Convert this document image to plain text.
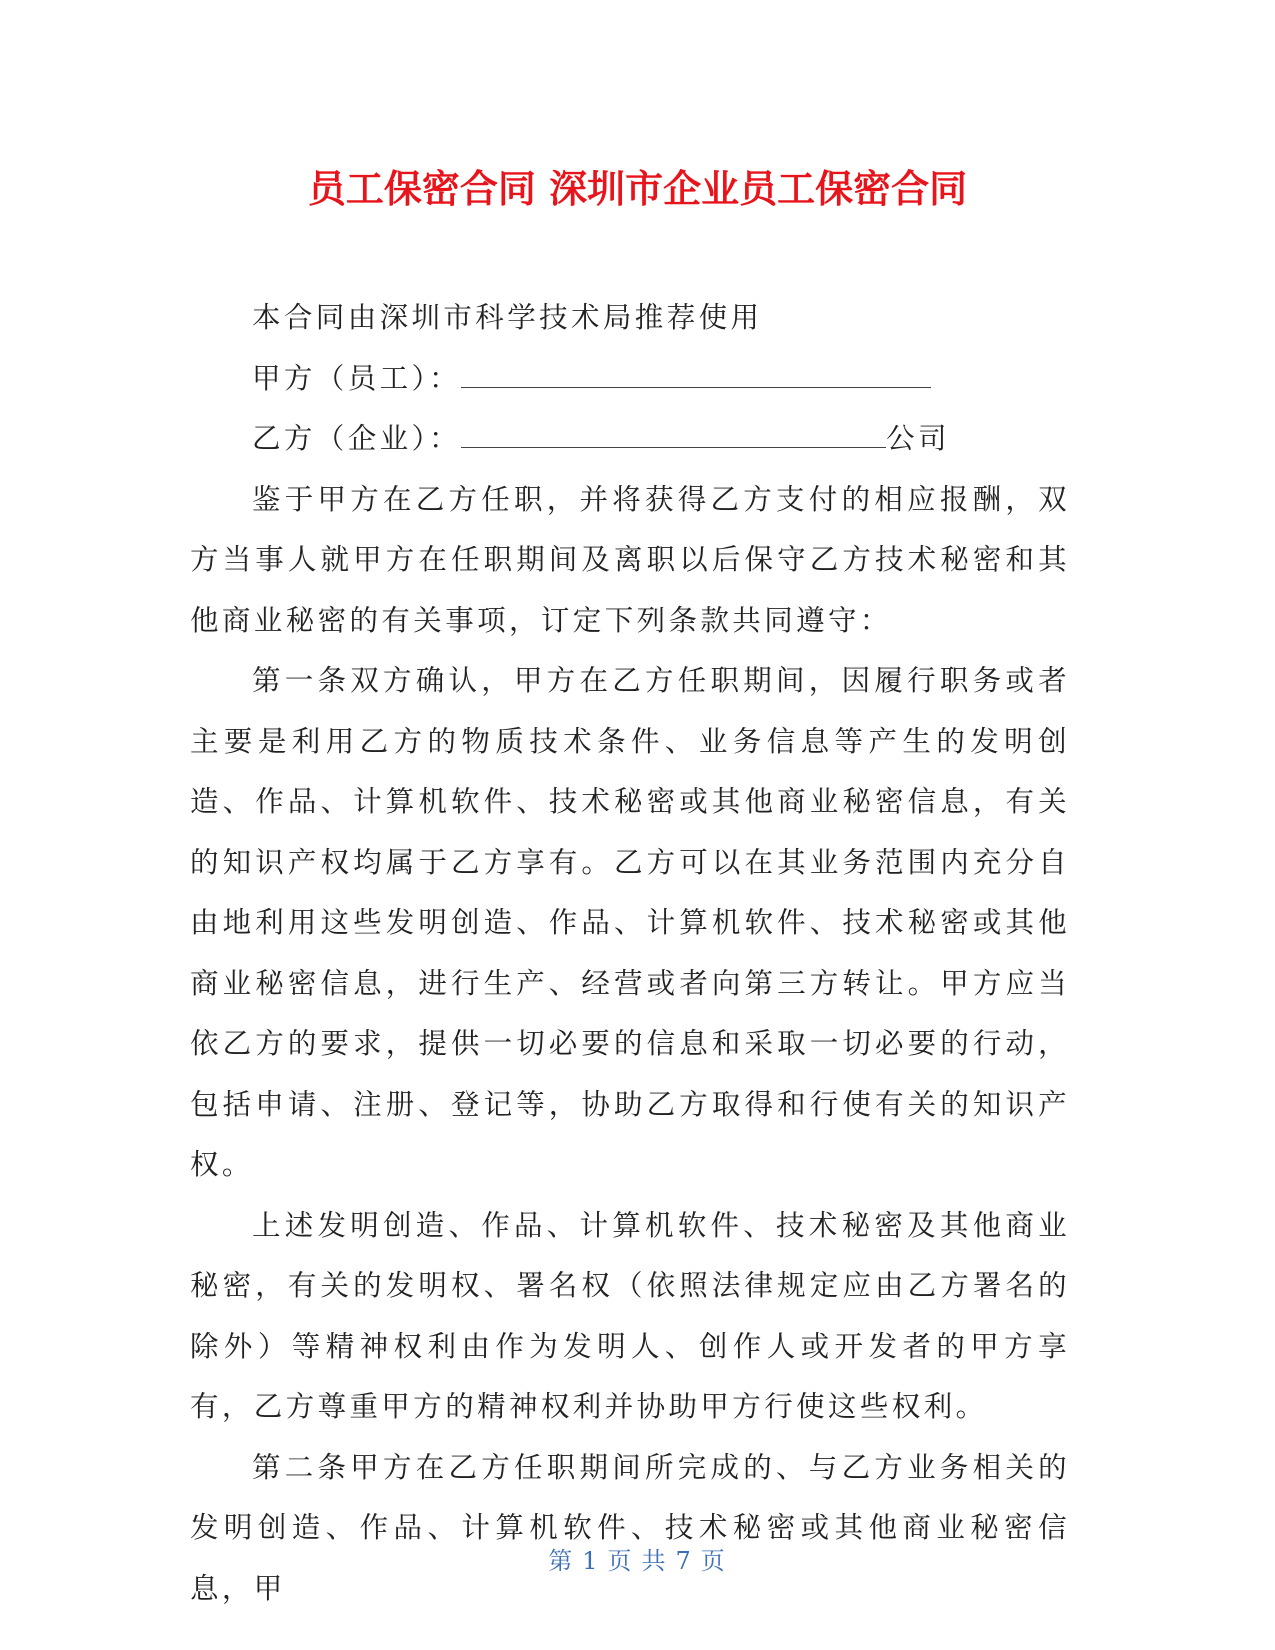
员工保密合同 深圳市企业员工保密合同
本合同由深圳市科学技术局推荐使用
甲方（员工）：
乙方（企业）：	公司

鉴于甲方在乙方任职，并将获得乙方支付的相应报酬，双方当事人就甲方在任职期间及离职以后保守乙方技术秘密和其他商业秘密的有关事项，订定下列条款共同遵守：

第一条双方确认，甲方在乙方任职期间，因履行职务或者主要是利用乙方的物质技术条件、业务信息等产生的发明创造、作品、计算机软件、技术秘密或其他商业秘密信息，有关的知识产权均属于乙方享有。乙方可以在其业务范围内充分自由地利用这些发明创造、作品、计算机软件、技术秘密或其他商业秘密信息，进行生产、经营或者向第三方转让。甲方应当依乙方的要求，提供一切必要的信息和采取一切必要的行动，包括申请、注册、登记等，协助乙方取得和行使有关的知识产权。

上述发明创造、作品、计算机软件、技术秘密及其他商业秘密，有关的发明权、署名权（依照法律规定应由乙方署名的除外）等精神权利由作为发明人、创作人或开发者的甲方享有，乙方尊重甲方的精神权利并协助甲方行使这些权利。

第二条甲方在乙方任职期间所完成的、与乙方业务相关的发明创造、作品、计算机软件、技术秘密或其他商业秘密信息，甲

第 1 页 共 7 页
